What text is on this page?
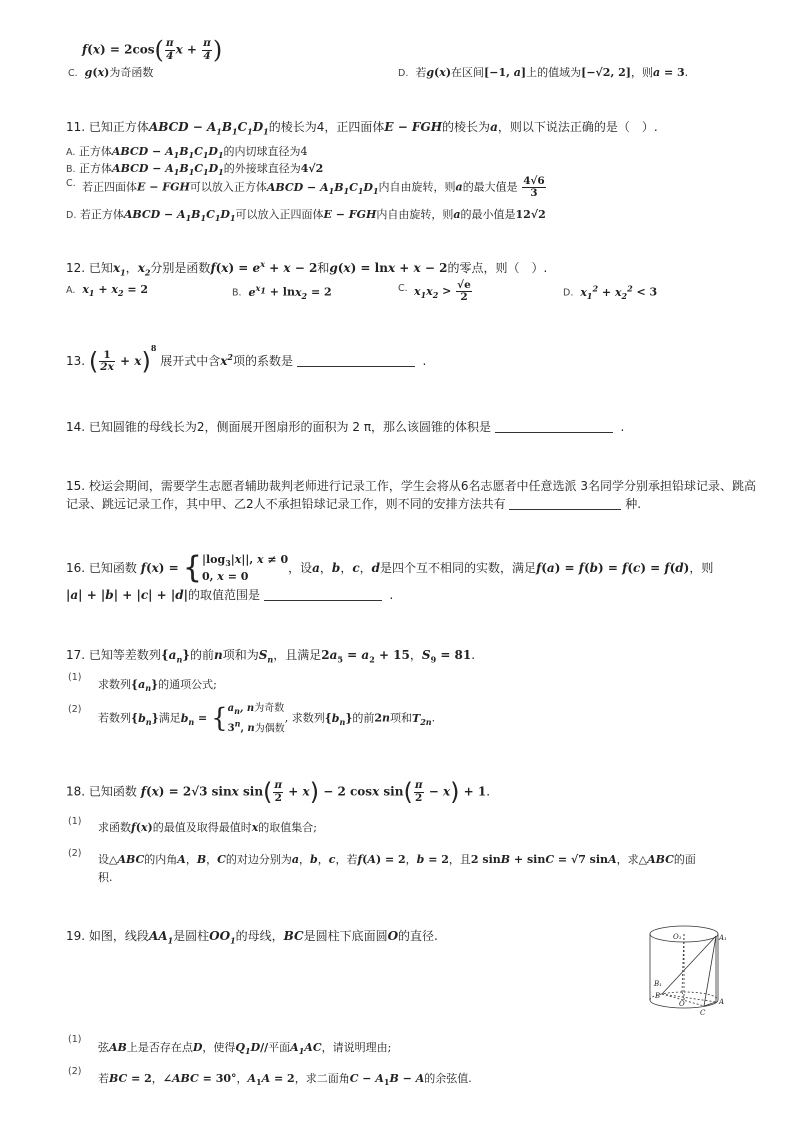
$f(x) = 2\cos( \frac{\pi}{4}$ $x + \frac{\pi}{4}$ )
C. g(x)为奇函数	D. 若g(x)在区间[−1, a]上的值域为[−√2, 2]，则a = 3.
11. 已知正方体ABCD − $A_1B_1C_1D_1$的棱长为4，正四面体E − FGH的棱长为a，则以下说法正确的是（　）.
A. 正方体ABCD − $A_1B_1C_1D_1$的内切球直径为4
B. 正方体ABCD − $A_1B_1C_1D_1$的外接球直径为4√2
C. 若正四面体E − FGH可以放入正方体ABCD − $A_1B_1C_1D_1$内自由旋转，则a的最大值是 $\frac{4√6}{3}$
D. 若正方体ABCD − $A_1B_1C_1D_1$可以放入正四面体E − FGH内自由旋转，则a的最小值是12√2
12. 已知$x_1$，$x_2$分别是函数$f(x) = e^x + x - 2$和g(x) = lnx + x − 2的零点，则（　）.
A. $x_1 + x_2 = 2$	B. $e^{x_1} + \ln x_2 = 2$	C. $x_1x_2 > \frac{√e}{2}$	D. $x_1^2 + x_2^2 < 3$
13. ( $\frac{1}{2x} + x)^8$ 展开式中含$x^2$项的系数是	.
14. 已知圆锥的母线长为2，侧面展开图扇形的面积为 2 π，那么该圆锥的体积是	.
15. 校运会期间，需要学生志愿者辅助裁判老师进行记录工作，学生会将从6名志愿者中任意选派 3名同学分别承担铅球记录、跳高
记录、跳远记录工作，其中甲、乙2人不承担铅球记录工作，则不同的安排方法共有	种.
16. 已知函数 f(x) = { $|\log_3|x||$, x ≠ 0
0, x = 0
，设a，b，c，d是四个互不相同的实数，满足f(a) = f(b) = f(c) = f(d)，则
|a| + |b| + |c| + |d|的取值范围是	.
17. 已知等差数列$\{a_n\}$的前n项和为$S_n$，且满足$2a_5 = a_2 + 15$，$S_9 = 81$.
(1)
求数列$\{a_n\}$的通项公式;
(2)
若数列$\{b_n\}$满足$b_n$ = { $a_n$, n为奇数
3$^n$, n为偶数
, 求数列$\{b_n\}$的前2n项和$T_{2n}$.
18. 已知函数 f(x) = 2√3 sinx $\sin( \frac{\pi}{2} + x) - 2$ cosx $\sin( \frac{\pi}{2} - x) + 1$.
(1) 求函数f(x)的最值及取得最值时x的取值集合;
(2) 设△ABC的内角A，B，C的对边分别为a，b，c，若f(A) = 2，b = 2，且2 sinB + sinC = √7 sinA，求△ABC的面
积.
19. 如图，线段$AA_1$是圆柱$OO_1$的母线，BC是圆柱下底面圆O的直径.	O₁	A₁
B₁
B
O	A
C
(1)
弦AB上是否存在点D，使得$Q_1D//$平面$A_1AC$，请说明理由;
(2)
若BC = 2，∠ABC = 30°，$A_1A = 2$，求二面角$C - A_1B - A$的余弦值.
